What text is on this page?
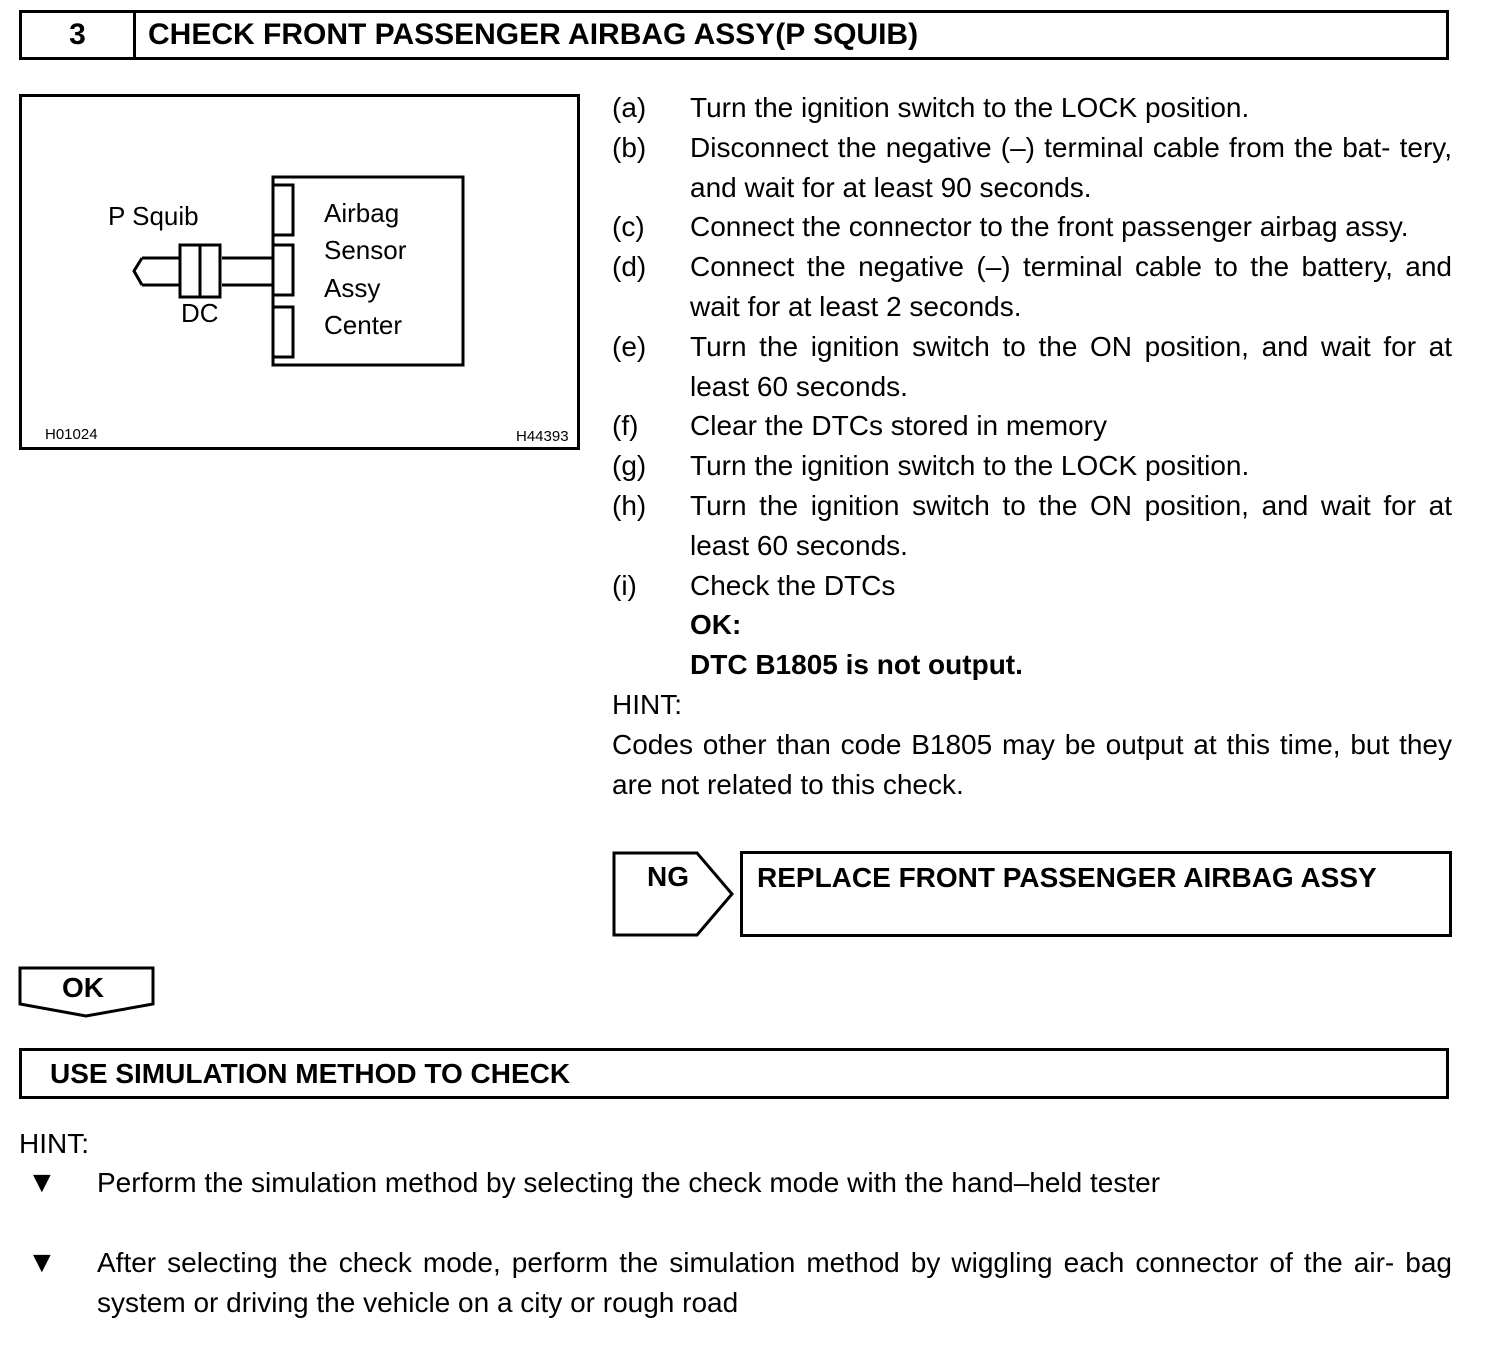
3	CHECK FRONT PASSENGER AIRBAG ASSY(P SQUIB)
P Squib
DC
Airbag
Sensor
Assy
Center
H01024	H44393
(a)	Turn the ignition switch to the LOCK position.
(b)	Disconnect the negative (–) terminal cable from the bat- tery, and wait for at least 90 seconds.
(c)	Connect the connector to the front passenger airbag assy.
(d)	Connect the negative (–) terminal cable to the battery, and wait for at least 2 seconds.
(e)	Turn the ignition switch to the ON position, and wait for at least 60 seconds.
(f)	Clear the DTCs stored in memory
(g)	Turn the ignition switch to the LOCK position.
(h)	Turn the ignition switch to the ON position, and wait for at least 60 seconds.
(i)	Check the DTCs
OK:
DTC B1805 is not output.
HINT:
Codes other than code B1805 may be output at this time, but they are not related to this check.
NG	REPLACE FRONT PASSENGER AIRBAG ASSY
OK
USE SIMULATION METHOD TO CHECK
HINT:
▼	Perform the simulation method by selecting the check mode with the hand–held tester
▼	After selecting the check mode, perform the simulation method by wiggling each connector of the air- bag system or driving the vehicle on a city or rough road
